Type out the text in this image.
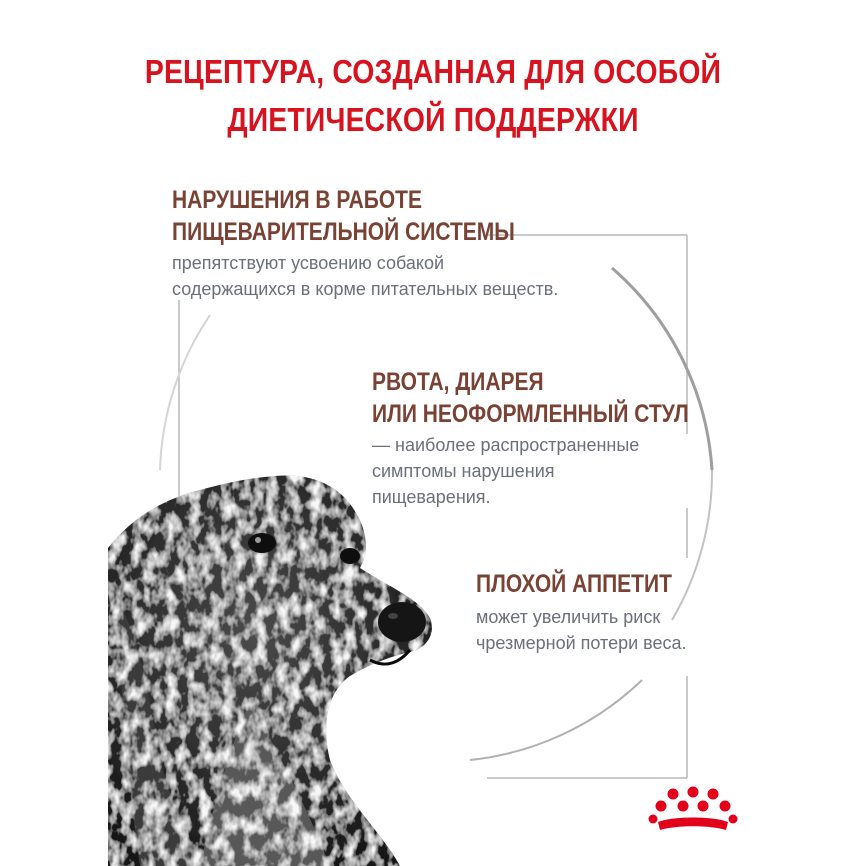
РЕЦЕПТУРА, СОЗДАННАЯ ДЛЯ ОСОБОЙ
ДИЕТИЧЕСКОЙ ПОДДЕРЖКИ
НАРУШЕНИЯ В РАБОТЕ
ПИЩЕВАРИТЕЛЬНОЙ СИСТЕМЫ
препятствуют усвоению собакой
содержащихся в корме питательных веществ.
РВОТА, ДИАРЕЯ
ИЛИ НЕОФОРМЛЕННЫЙ СТУЛ
— наиболее распространенные
симптомы нарушения
пищеварения.
ПЛОХОЙ АППЕТИТ
может увеличить риск
чрезмерной потери веса.
